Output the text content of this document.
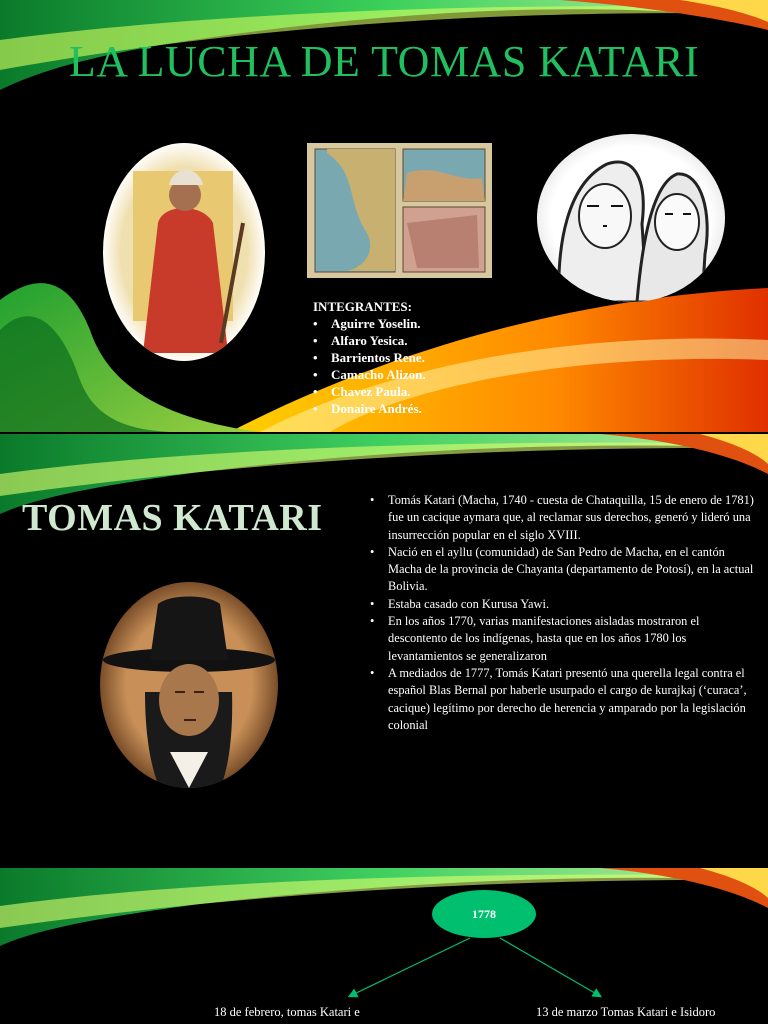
LA LUCHA DE TOMAS KATARI
INTEGRANTES:
• Aguirre Yoselin.
• Alfaro Yesica.
• Barrientos Rene.
• Camacho Alizon.
• Chavez Paula.
• Donaire Andrés.
TOMAS KATARI
•	Tomás Katari (Macha, 1740 - cuesta de Chataquilla, 15 de enero de 1781) fue un cacique aymara que, al reclamar sus derechos, generó y lideró una insurrección popular en el siglo XVIII.
• Nació en el ayllu (comunidad) de San Pedro de Macha, en el cantón Macha de la provincia de Chayanta (departamento de Potosí), en la actual Bolivia.
• Estaba casado con Kurusa Yawi.
• En los años 1770, varias manifestaciones aisladas mostraron el descontento de los indígenas, hasta que en los años 1780 los levantamientos se generalizaron
• A mediados de 1777, Tomás Katari presentó una querella legal contra el español Blas Bernal por haberle usurpado el cargo de kurajkaj (‘curaca’, cacique) legítimo por derecho de herencia y amparado por la legislación colonial
1778
18 de febrero, tomas Katari e	13 de marzo Tomas Katari e Isidoro
